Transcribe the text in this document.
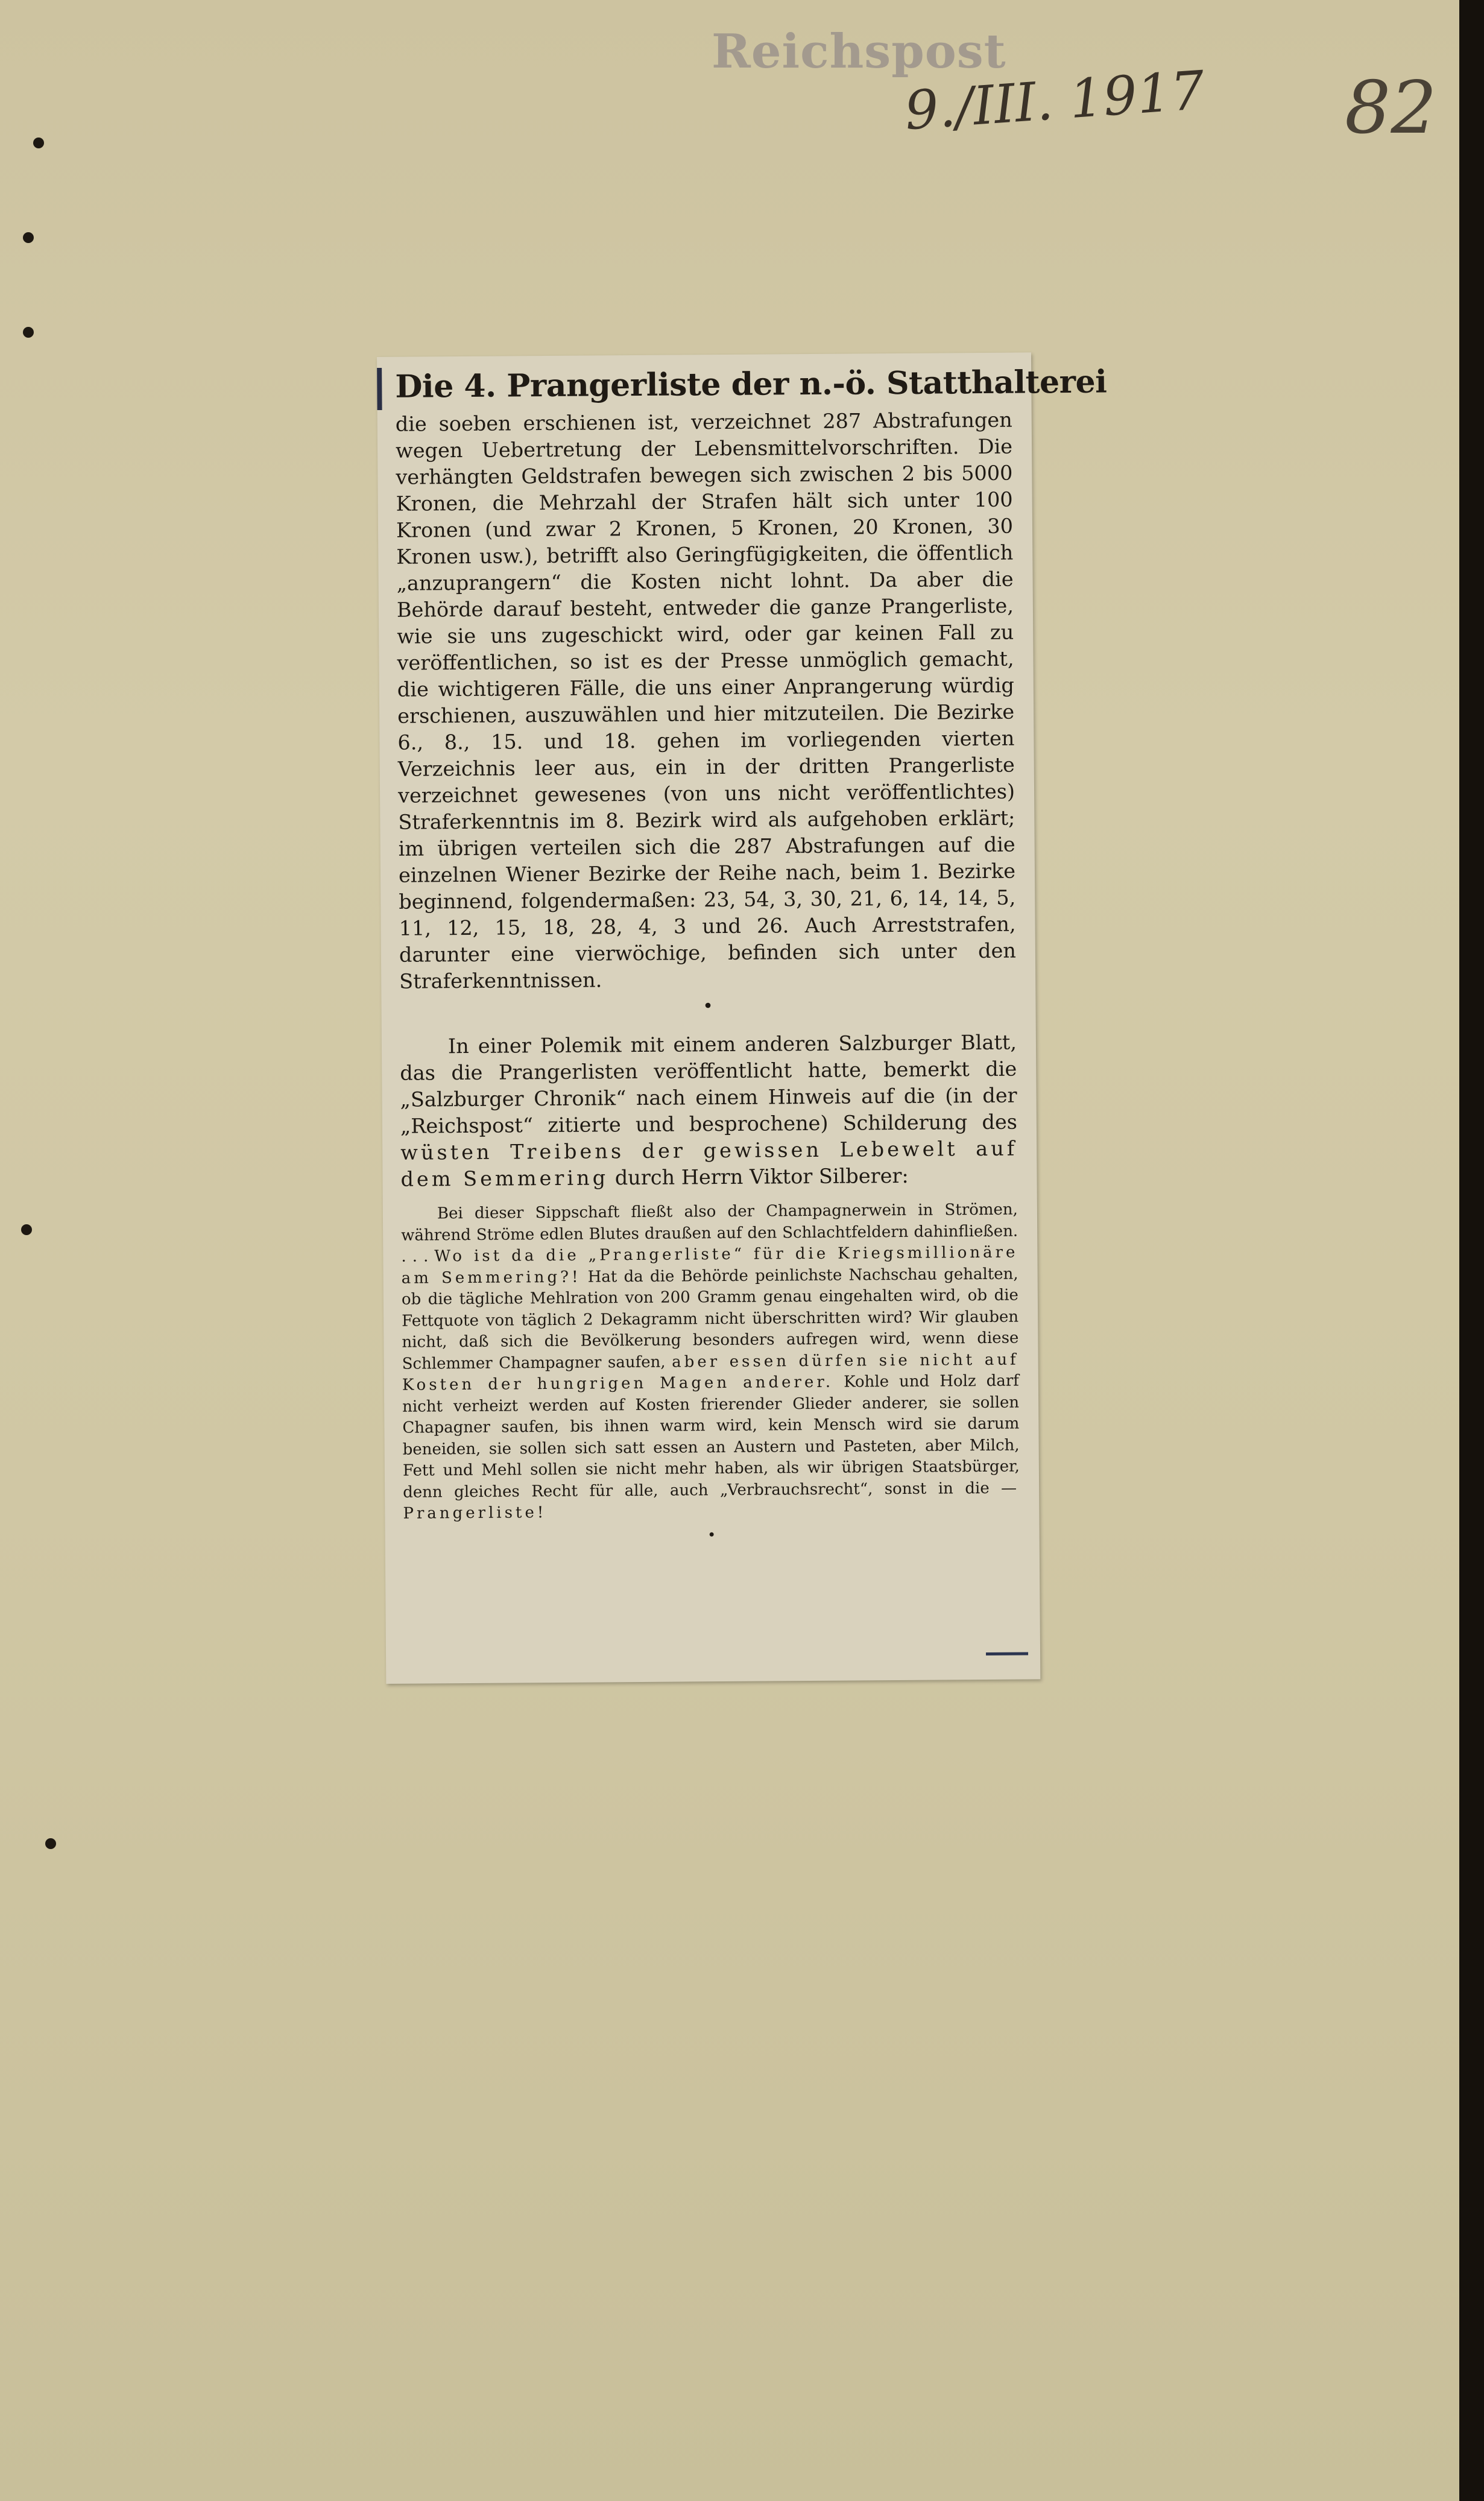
Reichspost
9./III. 1917 82
Die 4. Prangerliste der n.-ö. Statthalterei

die soeben erschienen ist, verzeichnet 287 Abstrafungen wegen Uebertretung der Lebensmittelvorschriften. Die verhängten Geldstrafen bewegen sich zwischen 2 bis 5000 Kronen, die Mehrzahl der Strafen hält sich unter 100 Kronen (und zwar 2 Kronen, 5 Kronen, 20 Kronen, 30 Kronen usw.), betrifft also Geringfügigkeiten, die öffentlich „anzuprangern“ die Kosten nicht lohnt. Da aber die Behörde darauf besteht, entweder die ganze Prangerliste, wie sie uns zugeschickt wird, oder gar keinen Fall zu veröffentlichen, so ist es der Presse unmöglich gemacht, die wichtigeren Fälle, die uns einer Anprangerung würdig erschienen, auszuwählen und hier mitzuteilen. Die Bezirke 6., 8., 15. und 18. gehen im vorliegenden vierten Verzeichnis leer aus, ein in der dritten Prangerliste verzeichnet gewesenes (von uns nicht veröffentlichtes) Straferkenntnis im 8. Bezirk wird als aufgehoben erklärt; im übrigen verteilen sich die 287 Abstrafungen auf die einzelnen Wiener Bezirke der Reihe nach, beim 1. Bezirke beginnend, folgendermaßen: 23, 54, 3, 30, 21, 6, 14, 14, 5, 11, 12, 15, 18, 28, 4, 3 und 26. Auch Arreststrafen, darunter eine vierwöchige, befinden sich unter den Straferkenntnissen.

•

In einer Polemik mit einem anderen Salzburger Blatt, das die Prangerlisten veröffentlicht hatte, bemerkt die „Salzburger Chronik“ nach einem Hinweis auf die (in der „Reichspost“ zitierte und besprochene) Schilderung des wüsten Treibens der gewissen Lebewelt auf dem Semmering durch Herrn Viktor Silberer:

Bei dieser Sippschaft fließt also der Champagnerwein in Strömen, während Ströme edlen Blutes draußen auf den Schlachtfeldern dahinfließen. . . . Wo ist da die „Prangerliste“ für die Kriegsmillionäre am Semmering?! Hat da die Behörde peinlichste Nachschau gehalten, ob die tägliche Mehlration von 200 Gramm genau eingehalten wird, ob die Fettquote von täglich 2 Dekagramm nicht überschritten wird? Wir glauben nicht, daß sich die Bevölkerung besonders aufregen wird, wenn diese Schlemmer Champagner saufen, aber essen dürfen sie nicht auf Kosten der hungrigen Magen anderer. Kohle und Holz darf nicht verheizt werden auf Kosten frierender Glieder anderer, sie sollen Chapagner saufen, bis ihnen warm wird, kein Mensch wird sie darum beneiden, sie sollen sich satt essen an Austern und Pasteten, aber Milch, Fett und Mehl sollen sie nicht mehr haben, als wir übrigen Staatsbürger, denn gleiches Recht für alle, auch „Verbrauchsrecht“, sonst in die — Prangerliste!

•
